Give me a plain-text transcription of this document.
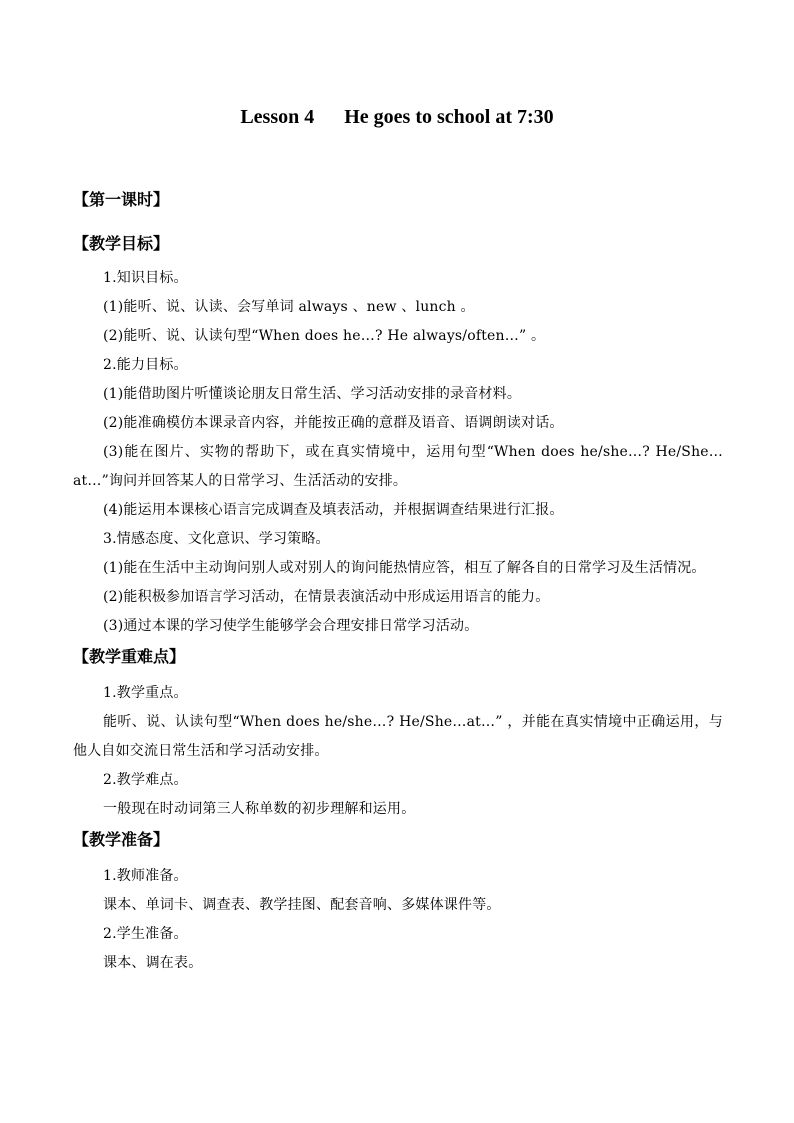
Lesson 4      He goes to school at 7:30
【第一课时】
【教学目标】

1.知识目标。

(1)能听、说、认读、会写单词 always 、new 、lunch 。

(2)能听、说、认读句型“When does he…? He always/often…” 。

2.能力目标。

(1)能借助图片听懂谈论朋友日常生活、学习活动安排的录音材料。

(2)能准确模仿本课录音内容，并能按正确的意群及语音、语调朗读对话。

(3)能在图片、实物的帮助下，或在真实情境中，运用句型“When does he/she…? He/She…at…”询问并回答某人的日常学习、生活活动的安排。

(4)能运用本课核心语言完成调查及填表活动，并根据调查结果进行汇报。

3.情感态度、文化意识、学习策略。

(1)能在生活中主动询问别人或对别人的询问能热情应答，相互了解各自的日常学习及生活情况。

(2)能积极参加语言学习活动，在情景表演活动中形成运用语言的能力。

(3)通过本课的学习使学生能够学会合理安排日常学习活动。

【教学重难点】

1.教学重点。

能听、说、认读句型“When does he/she…? He/She…at…” ，并能在真实情境中正确运用，与他人自如交流日常生活和学习活动安排。

2.教学难点。

一般现在时动词第三人称单数的初步理解和运用。

【教学准备】

1.教师准备。

课本、单词卡、调查表、教学挂图、配套音响、多媒体课件等。

2.学生准备。

课本、调在表。
